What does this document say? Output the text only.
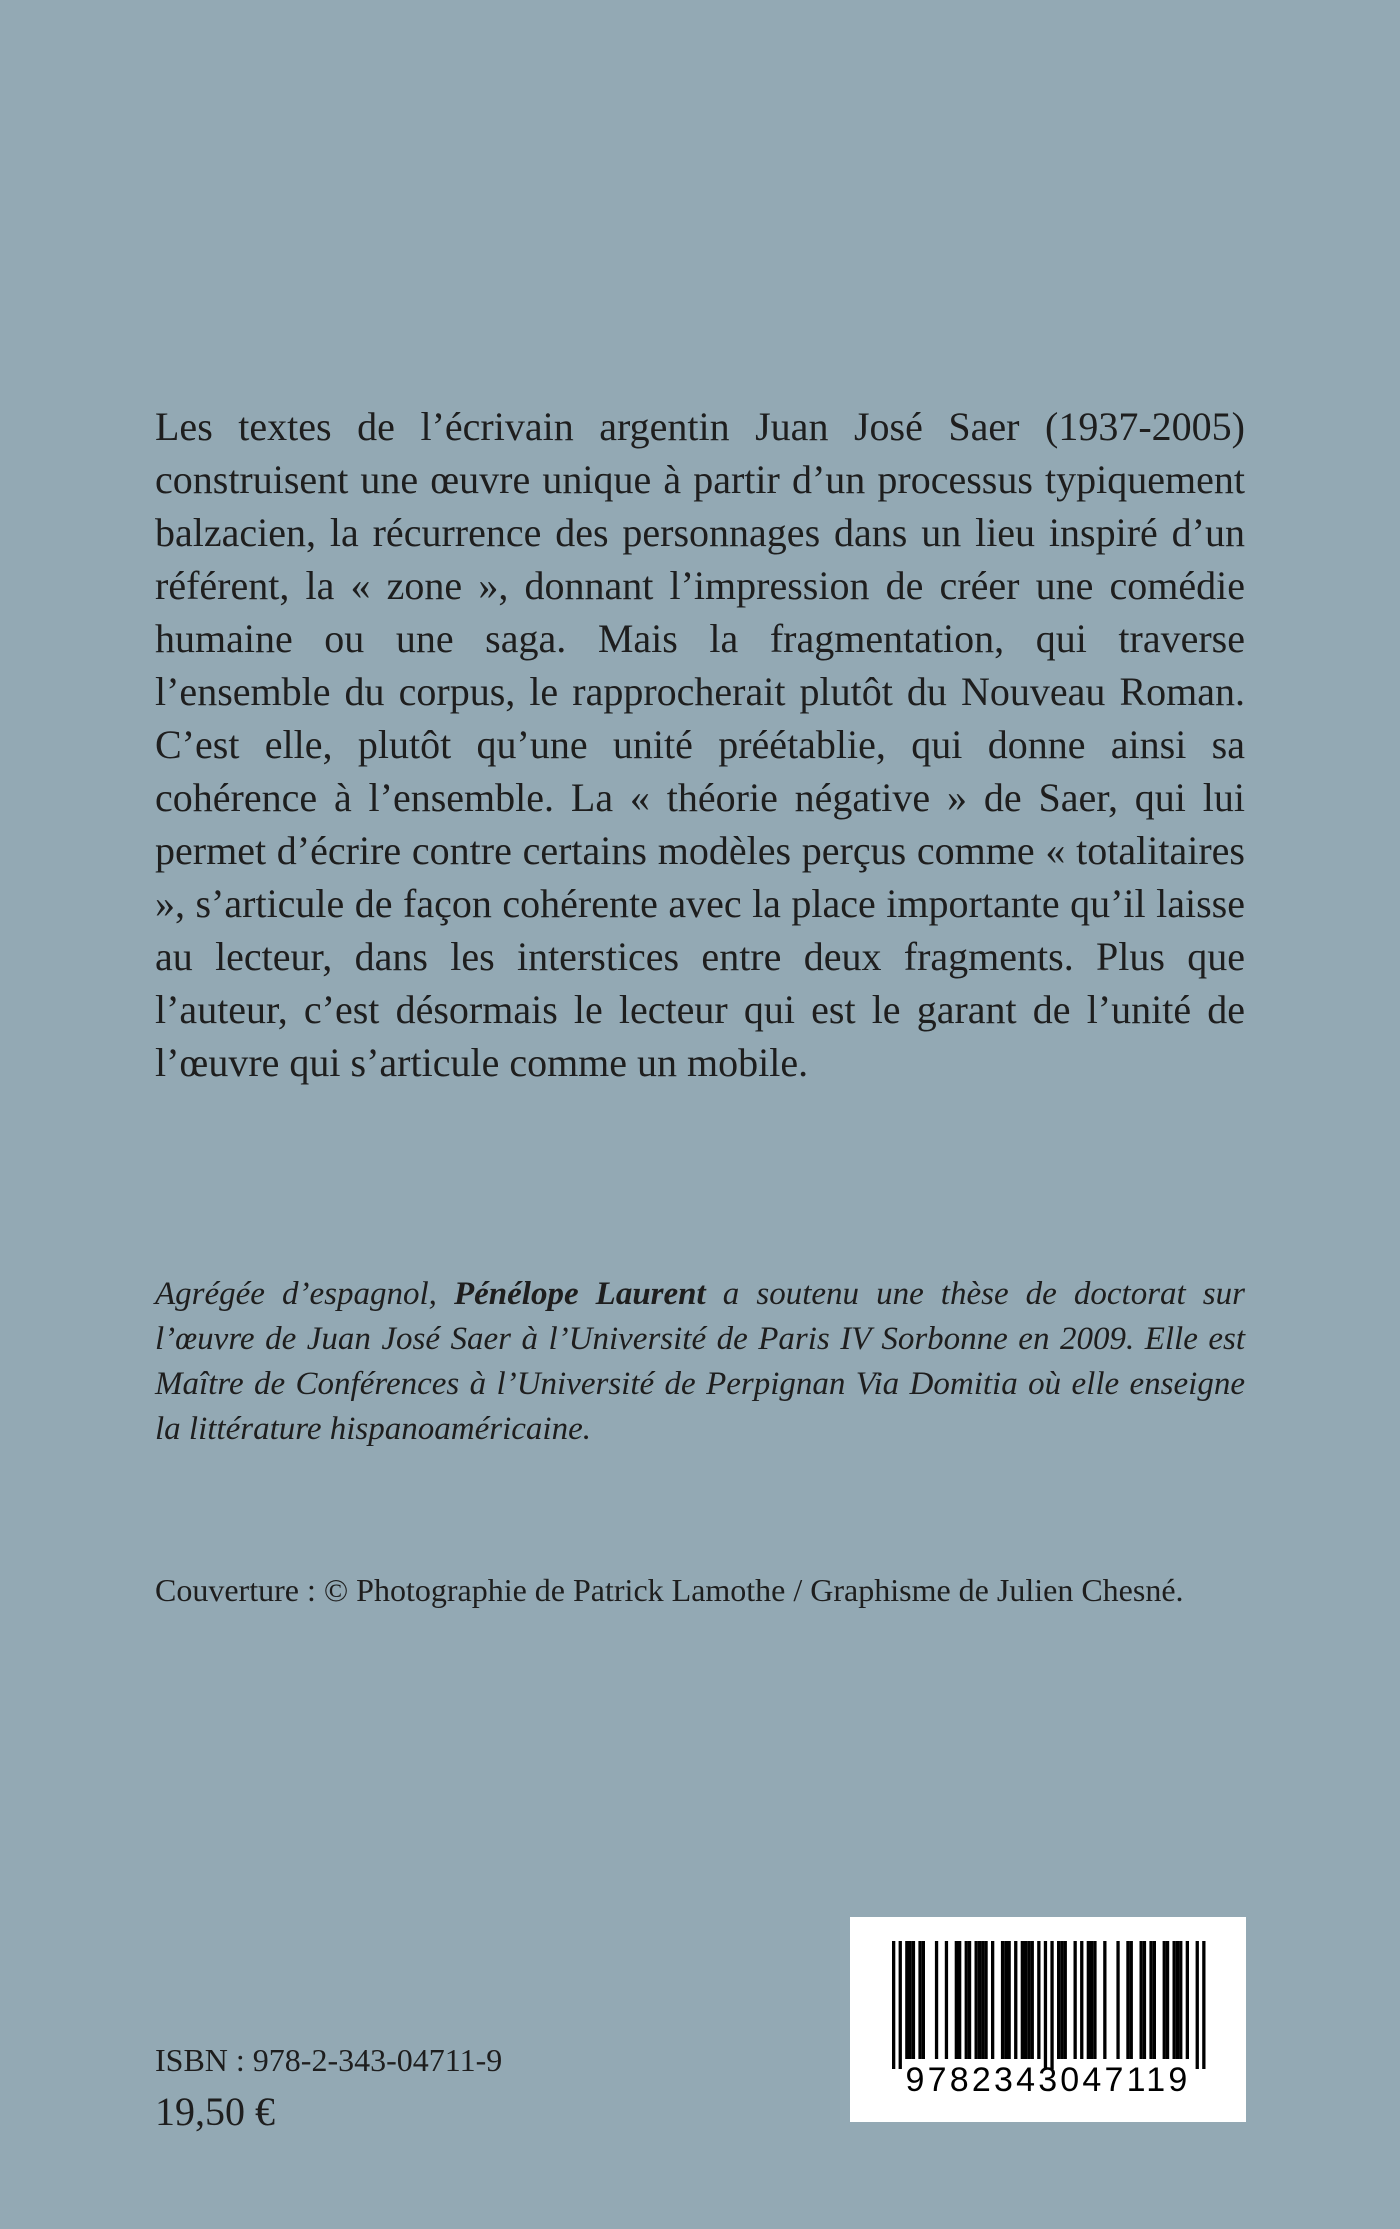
Les textes de l’écrivain argentin Juan José Saer (1937-2005) construisent une œuvre unique à partir d’un processus typiquement balzacien, la récurrence des personnages dans un lieu inspiré d’un référent, la « zone », donnant l’impression de créer une comédie humaine ou une saga. Mais la fragmentation, qui traverse l’ensemble du corpus, le rapprocherait plutôt du Nouveau Roman. C’est elle, plutôt qu’une unité préétablie, qui donne ainsi sa cohérence à l’ensemble. La « théorie négative » de Saer, qui lui permet d’écrire contre certains modèles perçus comme « totalitaires », s’articule de façon cohérente avec la place importante qu’il laisse au lecteur, dans les interstices entre deux fragments. Plus que l’auteur, c’est désormais le lecteur qui est le garant de l’unité de l’œuvre qui s’articule comme un mobile.

Agrégée d’espagnol, Pénélope Laurent a soutenu une thèse de doctorat sur l’œuvre de Juan José Saer à l’Université de Paris IV Sorbonne en 2009. Elle est Maître de Conférences à l’Université de Perpignan Via Domitia où elle enseigne la littérature hispanoaméricaine.

Couverture : © Photographie de Patrick Lamothe / Graphisme de Julien Chesné.

ISBN : 978-2-343-04711-9

19,50 €

9782343047119
